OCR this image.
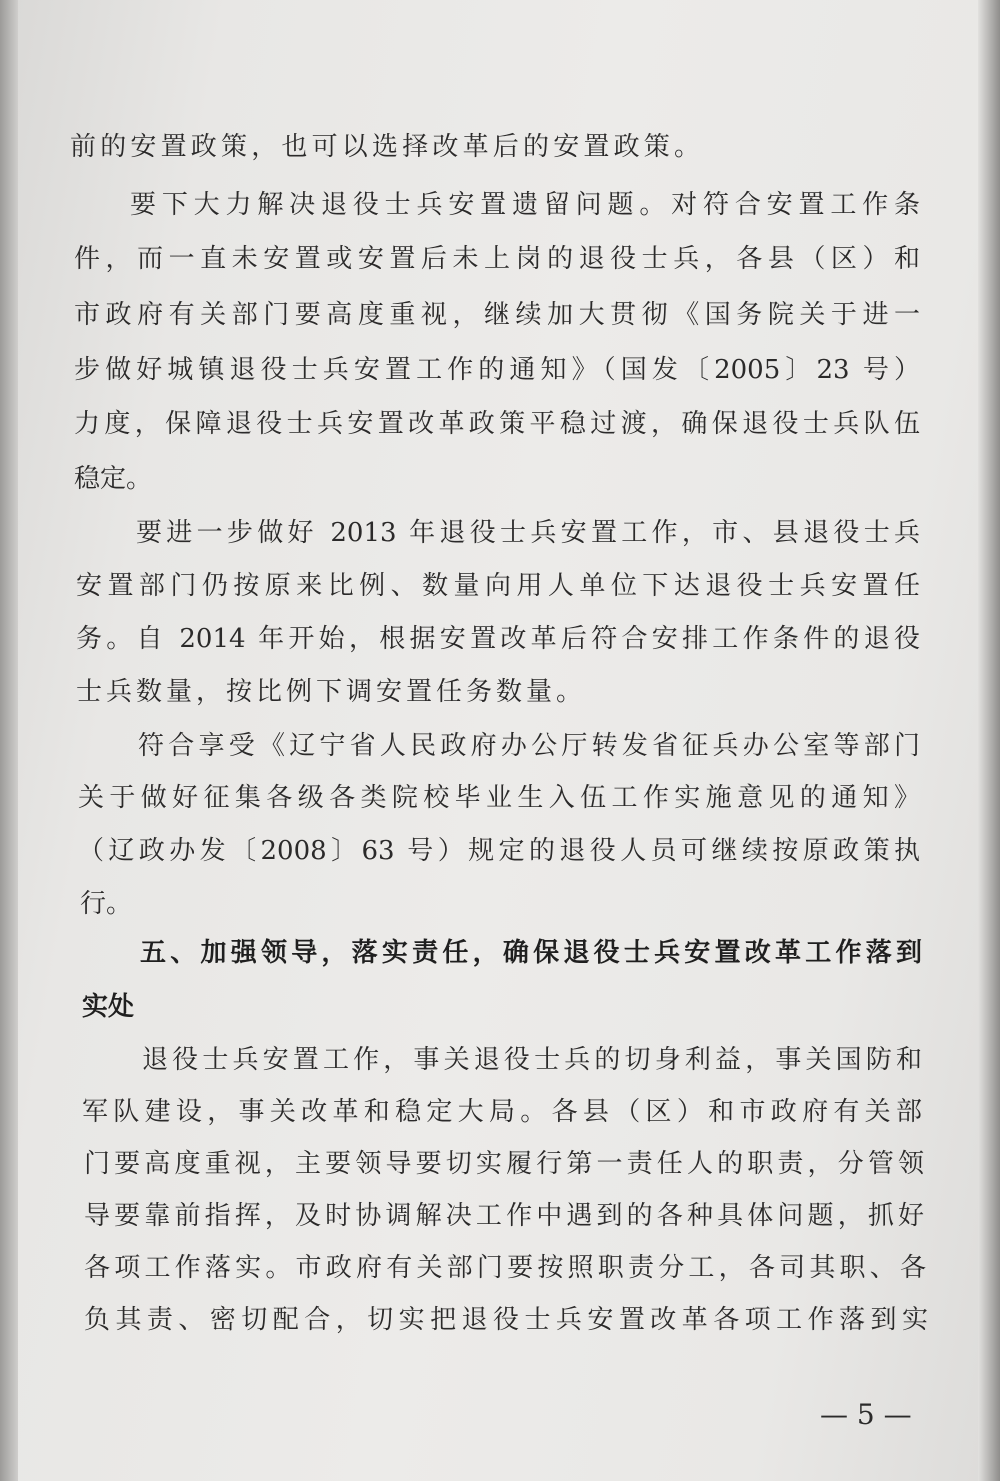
前的安置政策，也可以选择改革后的安置政策。
要下大力解决退役士兵安置遗留问题。对符合安置工作条
件，而一直未安置或安置后未上岗的退役士兵，各县（区）和
市政府有关部门要高度重视，继续加大贯彻《国务院关于进一
步做好城镇退役士兵安置工作的通知》（国发〔2005〕23 号）
力度，保障退役士兵安置改革政策平稳过渡，确保退役士兵队伍
稳定。
要进一步做好 2013 年退役士兵安置工作，市、县退役士兵
安置部门仍按原来比例、数量向用人单位下达退役士兵安置任
务。自 2014 年开始，根据安置改革后符合安排工作条件的退役
士兵数量，按比例下调安置任务数量。
符合享受《辽宁省人民政府办公厅转发省征兵办公室等部门
关于做好征集各级各类院校毕业生入伍工作实施意见的通知》
（辽政办发〔2008〕63 号）规定的退役人员可继续按原政策执
行。
五、加强领导，落实责任，确保退役士兵安置改革工作落到
实处
退役士兵安置工作，事关退役士兵的切身利益，事关国防和
军队建设，事关改革和稳定大局。各县（区）和市政府有关部
门要高度重视，主要领导要切实履行第一责任人的职责，分管领
导要靠前指挥，及时协调解决工作中遇到的各种具体问题，抓好
各项工作落实。市政府有关部门要按照职责分工，各司其职、各
负其责、密切配合，切实把退役士兵安置改革各项工作落到实
— 5 —
